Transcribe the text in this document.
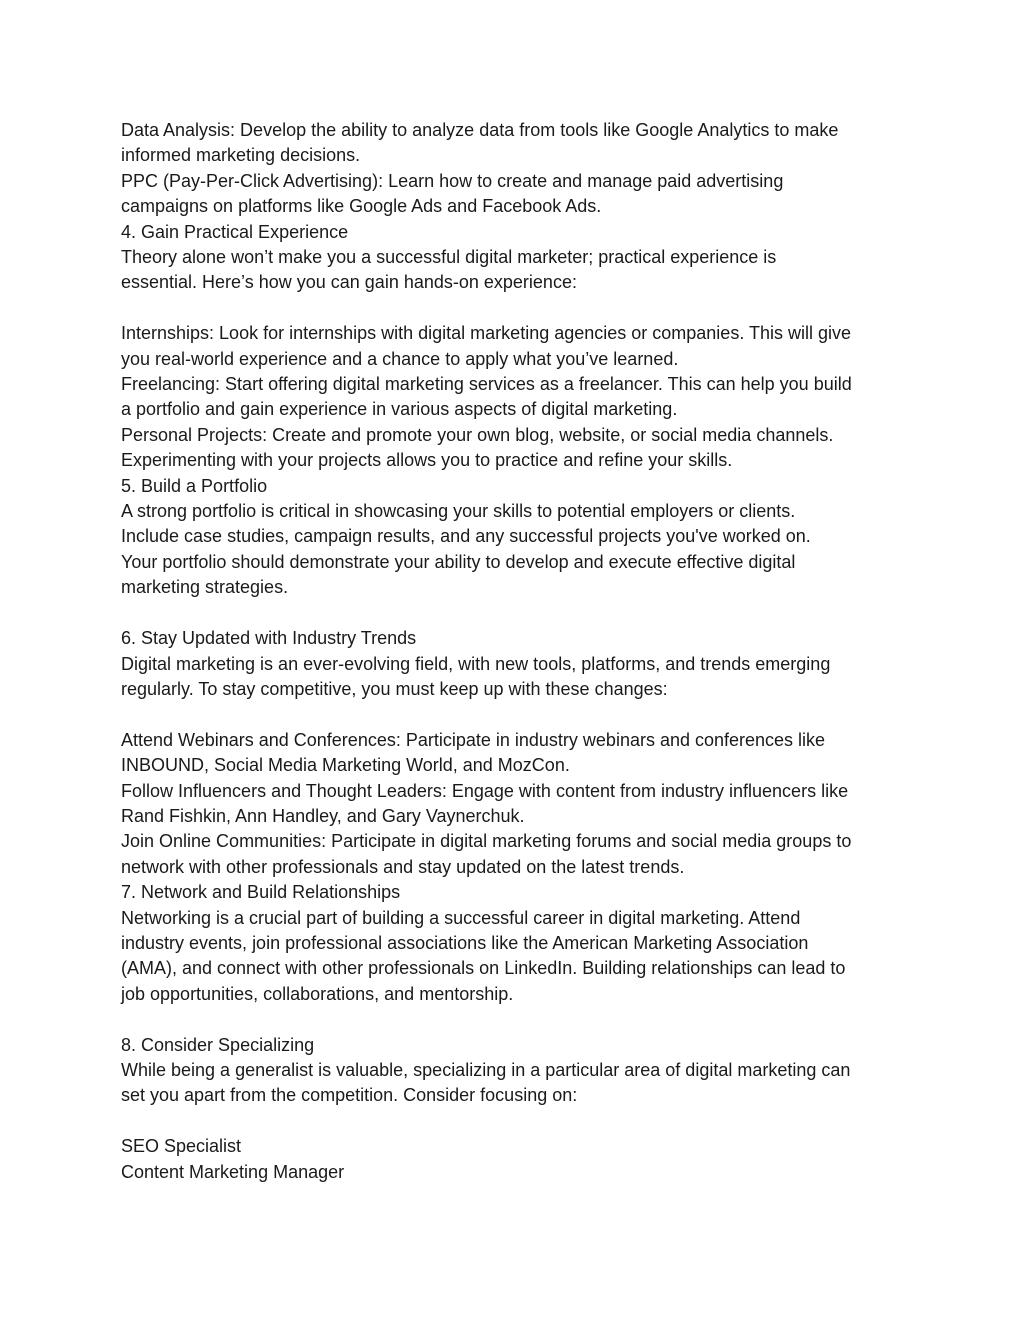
Data Analysis: Develop the ability to analyze data from tools like Google Analytics to make
informed marketing decisions.
PPC (Pay-Per-Click Advertising): Learn how to create and manage paid advertising
campaigns on platforms like Google Ads and Facebook Ads.
4. Gain Practical Experience
Theory alone won’t make you a successful digital marketer; practical experience is
essential. Here’s how you can gain hands-on experience:
Internships: Look for internships with digital marketing agencies or companies. This will give
you real-world experience and a chance to apply what you’ve learned.
Freelancing: Start offering digital marketing services as a freelancer. This can help you build
a portfolio and gain experience in various aspects of digital marketing.
Personal Projects: Create and promote your own blog, website, or social media channels.
Experimenting with your projects allows you to practice and refine your skills.
5. Build a Portfolio
A strong portfolio is critical in showcasing your skills to potential employers or clients.
Include case studies, campaign results, and any successful projects you've worked on.
Your portfolio should demonstrate your ability to develop and execute effective digital
marketing strategies.
6. Stay Updated with Industry Trends
Digital marketing is an ever-evolving field, with new tools, platforms, and trends emerging
regularly. To stay competitive, you must keep up with these changes:
Attend Webinars and Conferences: Participate in industry webinars and conferences like
INBOUND, Social Media Marketing World, and MozCon.
Follow Influencers and Thought Leaders: Engage with content from industry influencers like
Rand Fishkin, Ann Handley, and Gary Vaynerchuk.
Join Online Communities: Participate in digital marketing forums and social media groups to
network with other professionals and stay updated on the latest trends.
7. Network and Build Relationships
Networking is a crucial part of building a successful career in digital marketing. Attend
industry events, join professional associations like the American Marketing Association
(AMA), and connect with other professionals on LinkedIn. Building relationships can lead to
job opportunities, collaborations, and mentorship.
8. Consider Specializing
While being a generalist is valuable, specializing in a particular area of digital marketing can
set you apart from the competition. Consider focusing on:
SEO Specialist
Content Marketing Manager
